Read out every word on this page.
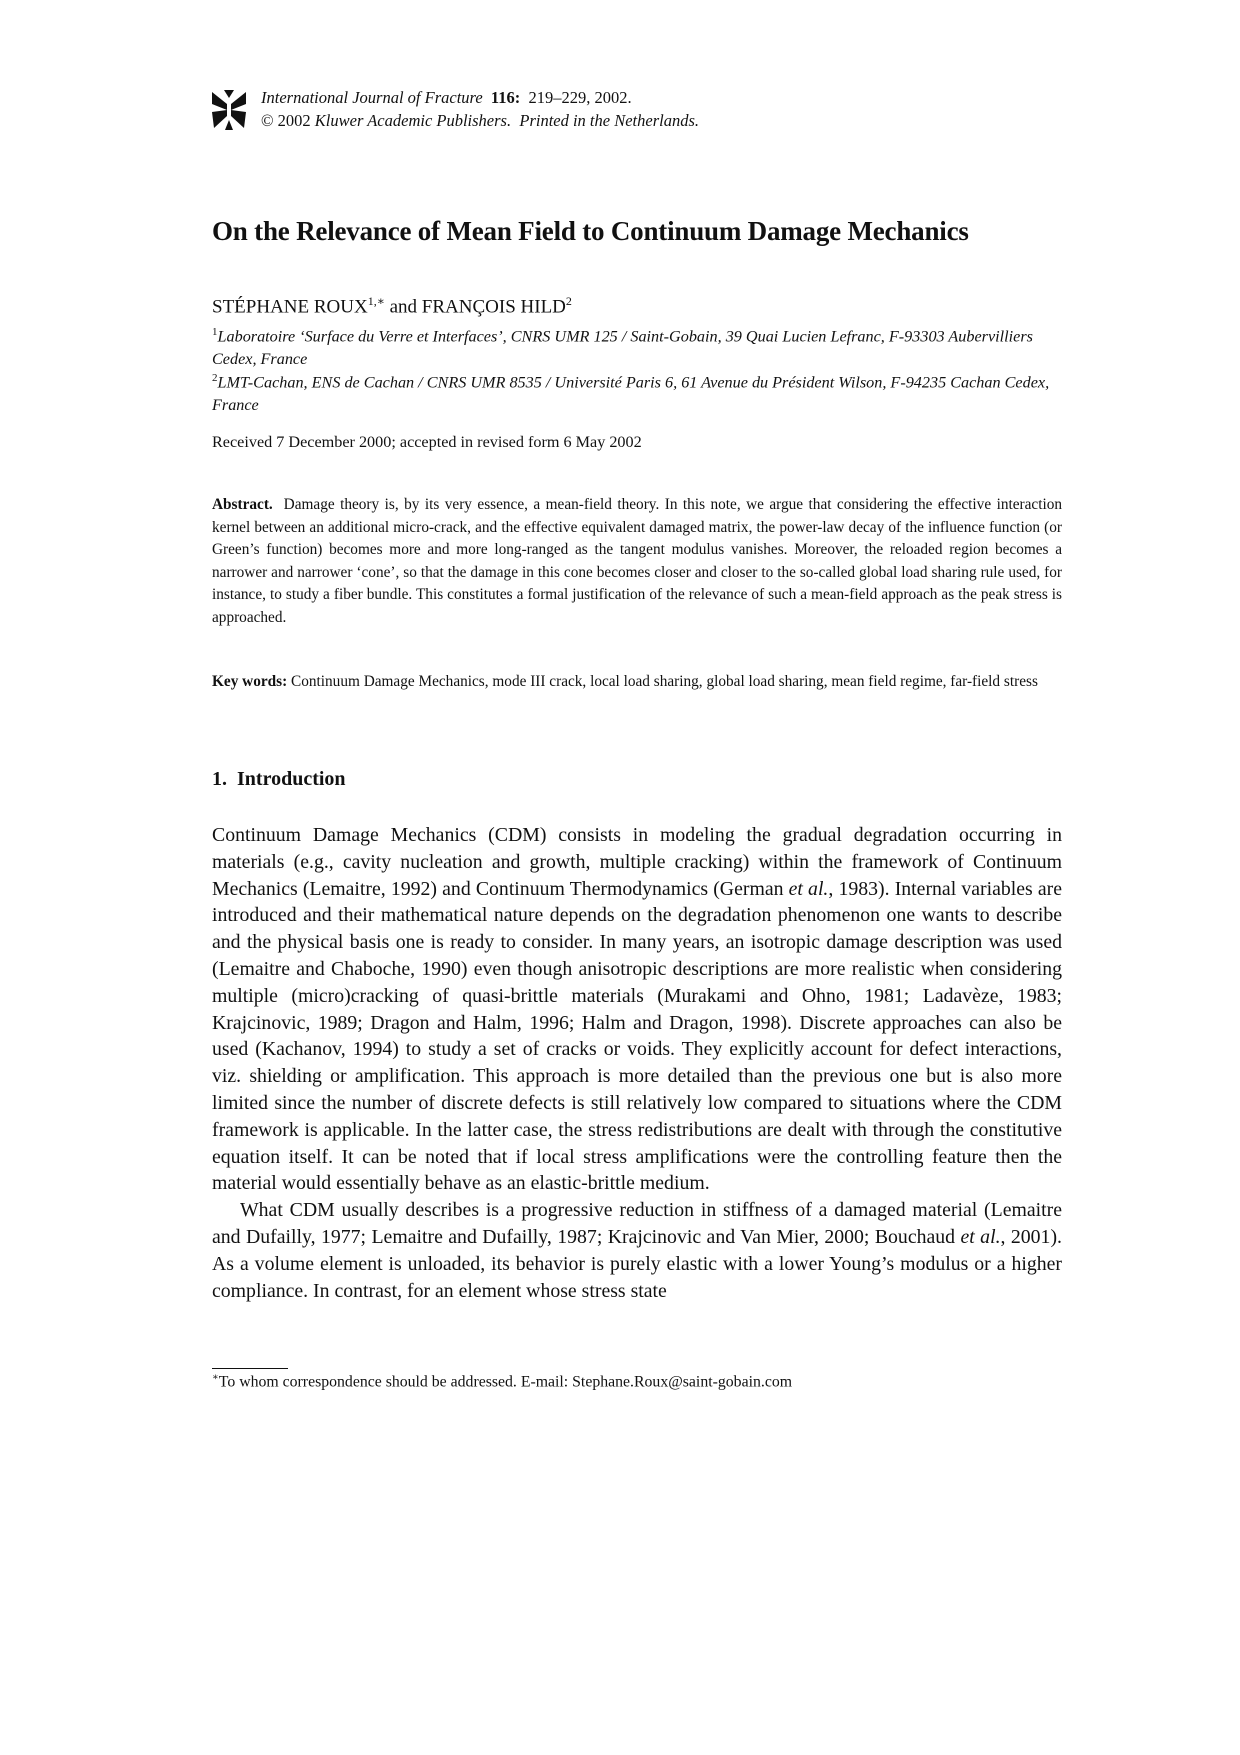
International Journal of Fracture 116: 219–229, 2002.
© 2002 Kluwer Academic Publishers. Printed in the Netherlands.
On the Relevance of Mean Field to Continuum Damage Mechanics
STÉPHANE $ROUX^{1,∗}$ and FRANÇOIS HILD$^2$
$^1$Laboratoire ‘Surface du Verre et Interfaces’, CNRS UMR 125 / Saint-Gobain, 39 Quai Lucien Lefranc, F-93303 Aubervilliers Cedex, France
$^2$LMT-Cachan, ENS de Cachan / CNRS UMR 8535 / Université Paris 6, 61 Avenue du Président Wilson, F-94235 Cachan Cedex, France
Received 7 December 2000; accepted in revised form 6 May 2002
Abstract. Damage theory is, by its very essence, a mean-field theory. In this note, we argue that considering the effective interaction kernel between an additional micro-crack, and the effective equivalent damaged matrix, the power-law decay of the influence function (or Green’s function) becomes more and more long-ranged as the tangent modulus vanishes. Moreover, the reloaded region becomes a narrower and narrower ‘cone’, so that the damage in this cone becomes closer and closer to the so-called global load sharing rule used, for instance, to study a fiber bundle. This constitutes a formal justification of the relevance of such a mean-field approach as the peak stress is approached.
Key words: Continuum Damage Mechanics, mode III crack, local load sharing, global load sharing, mean field regime, far-field stress
1. Introduction

Continuum Damage Mechanics (CDM) consists in modeling the gradual degradation occurring in materials (e.g., cavity nucleation and growth, multiple cracking) within the framework of Continuum Mechanics (Lemaitre, 1992) and Continuum Thermodynamics (German et al., 1983). Internal variables are introduced and their mathematical nature depends on the degradation phenomenon one wants to describe and the physical basis one is ready to consider. In many years, an isotropic damage description was used (Lemaitre and Chaboche, 1990) even though anisotropic descriptions are more realistic when considering multiple (micro)cracking of quasi-brittle materials (Murakami and Ohno, 1981; Ladavèze, 1983; Krajcinovic, 1989; Dragon and Halm, 1996; Halm and Dragon, 1998). Discrete approaches can also be used (Kachanov, 1994) to study a set of cracks or voids. They explicitly account for defect interactions, viz. shielding or amplification. This approach is more detailed than the previous one but is also more limited since the number of discrete defects is still relatively low compared to situations where the CDM framework is applicable. In the latter case, the stress redistributions are dealt with through the constitutive equation itself. It can be noted that if local stress amplifications were the controlling feature then the material would essentially behave as an elastic-brittle medium.

What CDM usually describes is a progressive reduction in stiffness of a damaged material (Lemaitre and Dufailly, 1977; Lemaitre and Dufailly, 1987; Krajcinovic and Van Mier, 2000; Bouchaud et al., 2001). As a volume element is unloaded, its behavior is purely elastic with a lower Young’s modulus or a higher compliance. In contrast, for an element whose stress state

∗To whom correspondence should be addressed. E-mail: Stephane.Roux@saint-gobain.com
